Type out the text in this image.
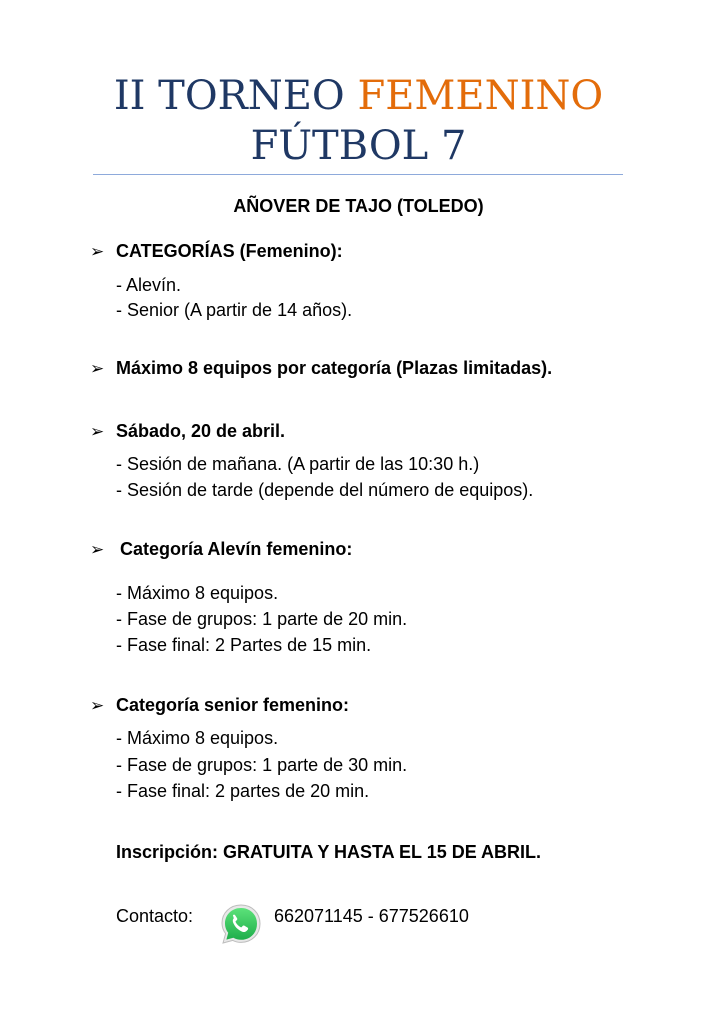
II TORNEO FEMENINO
FÚTBOL 7
AÑOVER DE TAJO (TOLEDO)
➢ CATEGORÍAS (Femenino):
- Alevín.
- Senior (A partir de 14 años).
➢ Máximo 8 equipos por categoría (Plazas limitadas).
➢ Sábado, 20 de abril.
- Sesión de mañana. (A partir de las 10:30 h.)
- Sesión de tarde (depende del número de equipos).
➢ Categoría Alevín femenino:
- Máximo 8 equipos.
- Fase de grupos: 1 parte de 20 min.
- Fase final: 2 Partes de 15 min.
➢ Categoría senior femenino:
- Máximo 8 equipos.
- Fase de grupos: 1 parte de 30 min.
- Fase final: 2 partes de 20 min.
Inscripción: GRATUITA Y HASTA EL 15 DE ABRIL.
Contacto:	662071145 - 677526610
